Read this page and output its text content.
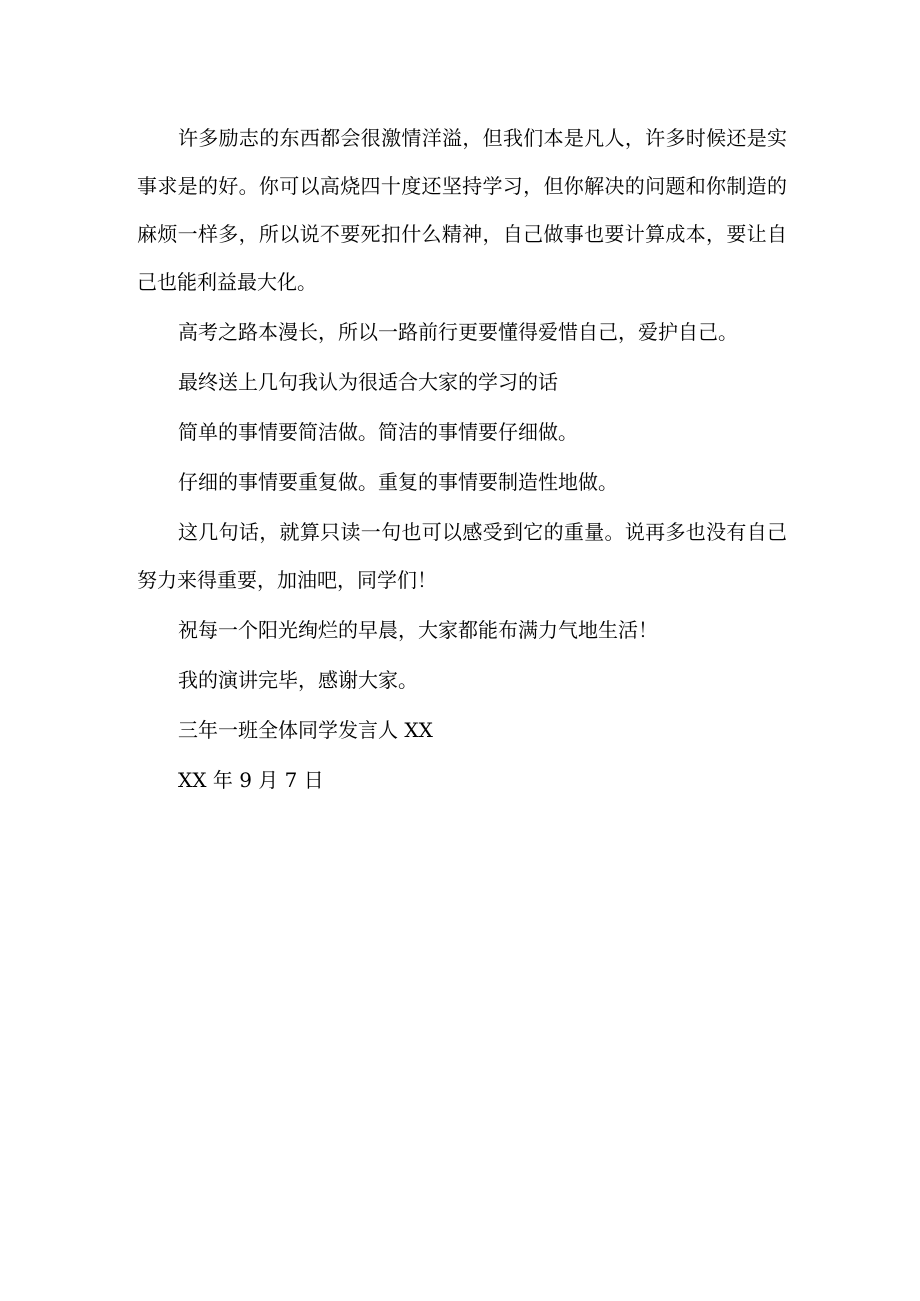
许多励志的东西都会很激情洋溢，但我们本是凡人，许多时候还是实事求是的好。你可以高烧四十度还坚持学习，但你解决的问题和你制造的麻烦一样多，所以说不要死扣什么精神，自己做事也要计算成本，要让自己也能利益最大化。

高考之路本漫长，所以一路前行更要懂得爱惜自己，爱护自己。

最终送上几句我认为很适合大家的学习的话

简单的事情要简洁做。简洁的事情要仔细做。

仔细的事情要重复做。重复的事情要制造性地做。

这几句话，就算只读一句也可以感受到它的重量。说再多也没有自己努力来得重要，加油吧，同学们！

祝每一个阳光绚烂的早晨，大家都能布满力气地生活！

我的演讲完毕，感谢大家。

三年一班全体同学发言人 XX

XX 年 9 月 7 日
